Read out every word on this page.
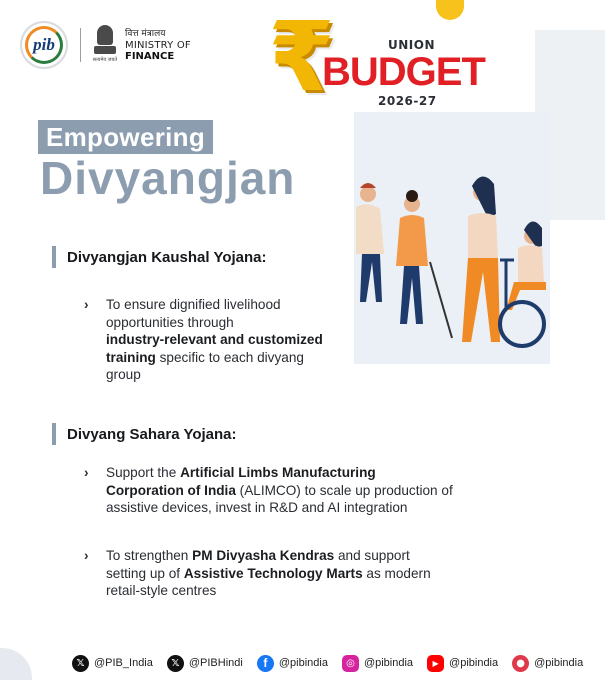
pib
सत्यमेव जयते
वित्त मंत्रालय
MINISTRY OF
FINANCE ₹	UNION
BUDGET
2026-27
Empowering
Divyangjan
Divyangjan Kaushal Yojana:
› To ensure dignified livelihood
opportunities through
industry-relevant and customized
training specific to each divyang
group
Divyang Sahara Yojana:
› Support the Artificial Limbs Manufacturing
Corporation of India (ALIMCO) to scale up production of
assistive devices, invest in R&D and AI integration
› To strengthen PM Divyasha Kendras and support
setting up of Assistive Technology Marts as modern
retail-style centres
𝕏 @PIB_India	𝕏 @PIBHindi	f	@pibindia	◎ @pibindia	▶ @pibindia	● @pibindia
